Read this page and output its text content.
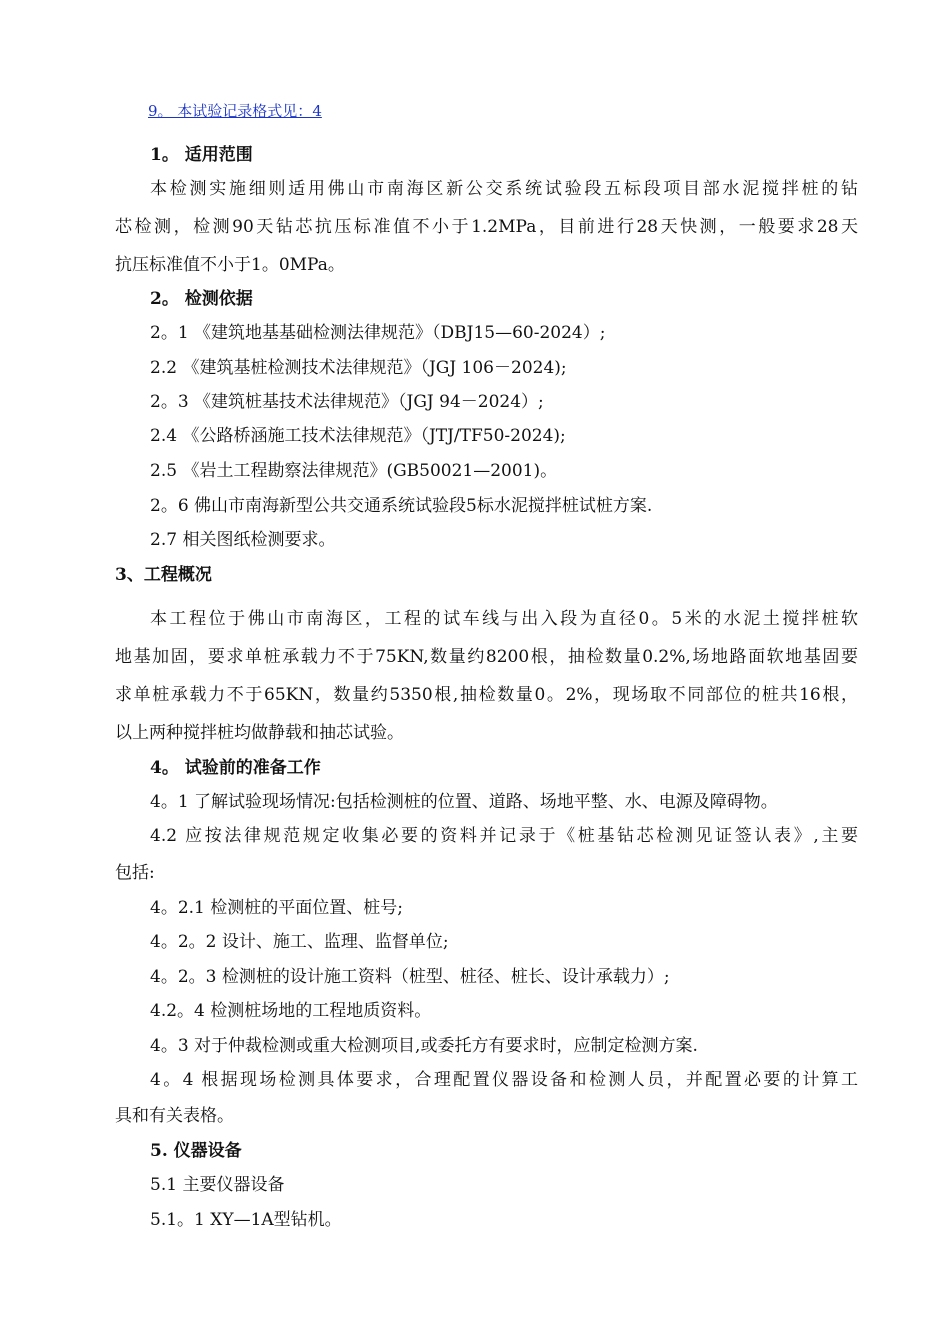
9。 本试验记录格式见：4
1。 适用范围
本检测实施细则适用佛山市南海区新公交系统试验段五标段项目部水泥搅拌桩的钻
芯检测，检测90天钻芯抗压标准值不小于1.2MPa，目前进行28天快测，一般要求28天
抗压标准值不小于1。0MPa。
2。 检测依据
2。1 《建筑地基基础检测法律规范》（DBJ15—60-2024）;
2.2 《建筑基桩检测技术法律规范》（JGJ 106－2024);
2。3 《建筑桩基技术法律规范》（JGJ 94－2024）;
2.4 《公路桥涵施工技术法律规范》（JTJ/TF50-2024);
2.5 《岩土工程勘察法律规范》(GB50021—2001)。
2。6 佛山市南海新型公共交通系统试验段5标水泥搅拌桩试桩方案.
2.7 相关图纸检测要求。
3、工程概况
本工程位于佛山市南海区，工程的试车线与出入段为直径0。5米的水泥土搅拌桩软
地基加固，要求单桩承载力不于75KN,数量约8200根，抽检数量0.2%,场地路面软地基固要
求单桩承载力不于65KN，数量约5350根,抽检数量0。2%，现场取不同部位的桩共16根，
以上两种搅拌桩均做静载和抽芯试验。
4。 试验前的准备工作
4。1 了解试验现场情况:包括检测桩的位置、道路、场地平整、水、电源及障碍物。
4.2 应按法律规范规定收集必要的资料并记录于《桩基钻芯检测见证签认表》,主要
包括:
4。2.1 检测桩的平面位置、桩号;
4。2。2 设计、施工、监理、监督单位;
4。2。3 检测桩的设计施工资料（桩型、桩径、桩长、设计承载力）;
4.2。4 检测桩场地的工程地质资料。
4。3 对于仲裁检测或重大检测项目,或委托方有要求时，应制定检测方案.
4。4 根据现场检测具体要求，合理配置仪器设备和检测人员，并配置必要的计算工
具和有关表格。
5. 仪器设备
5.1 主要仪器设备
5.1。1 XY—1A型钻机。
